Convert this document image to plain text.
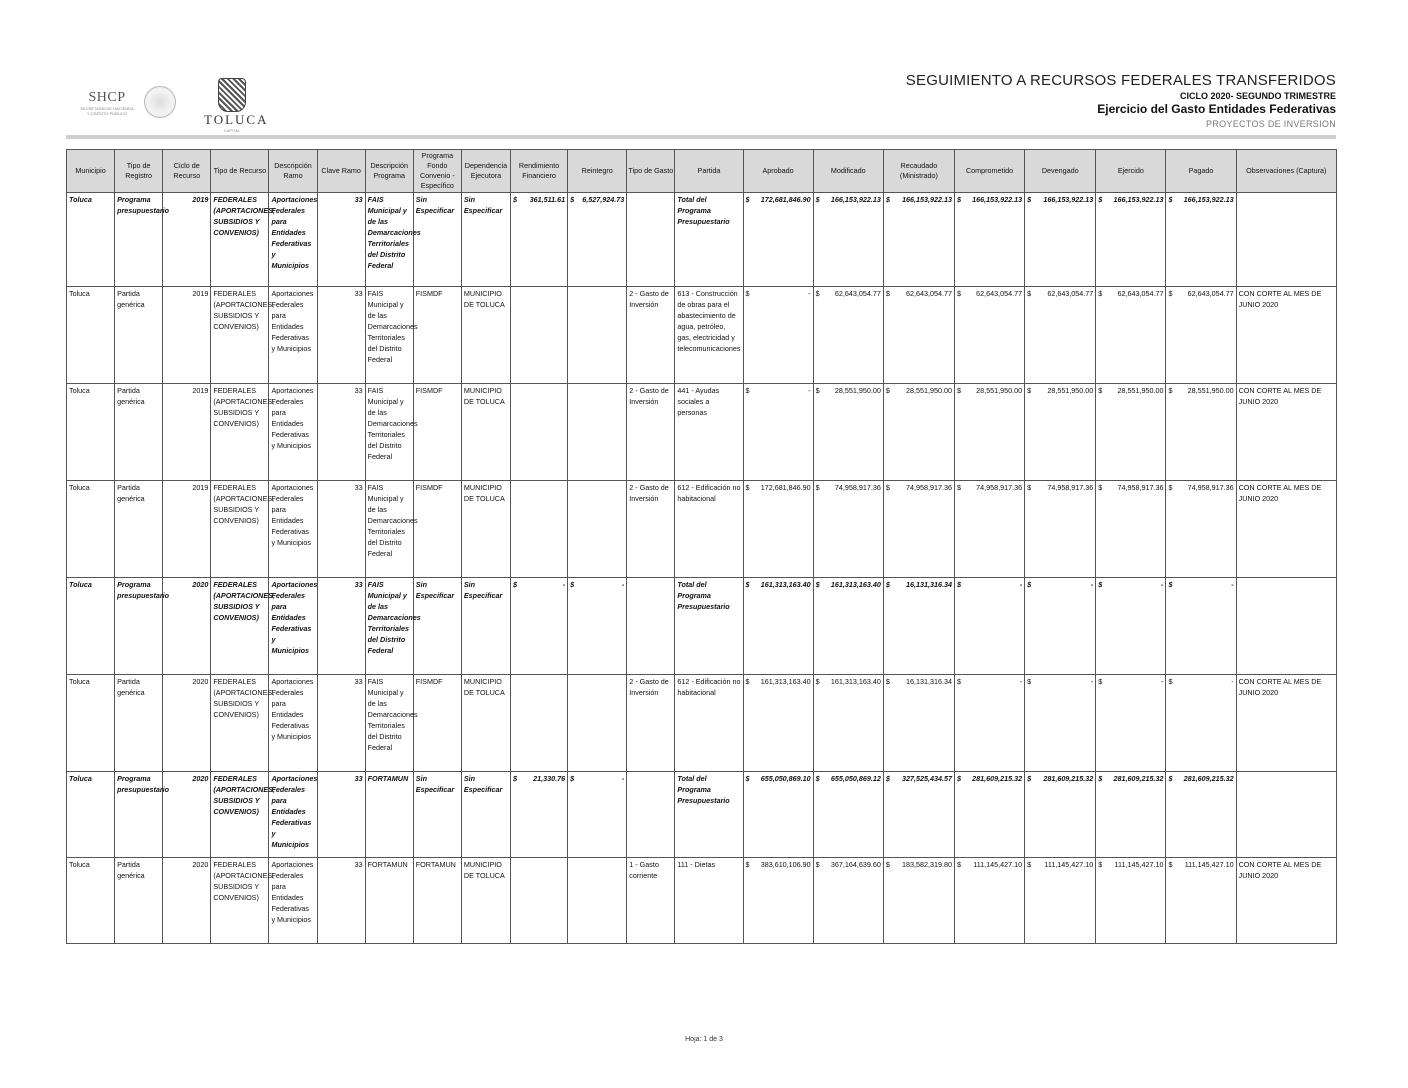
SHCP
SECRETARÍA DE HACIENDA
Y CRÉDITO PÚBLICO	TOLUCA
CAPITAL
SEGUIMIENTO A RECURSOS FEDERALES TRANSFERIDOS
CICLO 2020- SEGUNDO TRIMESTRE
Ejercicio del Gasto Entidades Federativas
PROYECTOS DE INVERSION
Municipio	Tipo de Registro	Ciclo de Recurso	Tipo de Recurso	Descripción Ramo	Clave Ramo	Descripción Programa	Programa Fondo Convenio - Específico	Dependencia Ejecutora	Rendimiento Financiero	Reintegro	Tipo de Gasto	Partida	Aprobado	Modificado	Recaudado (Ministrado)	Comprometido	Devengado	Ejercido	Pagado	Observaciones (Captura)
Toluca	Programa presupuestario	2019	FEDERALES (APORTACIONES, SUBSIDIOS Y CONVENIOS)	Aportaciones Federales para Entidades Federativas y Municipios	33	FAIS Municipal y de las Demarcaciones Territoriales del Distrito Federal	Sin Especificar	Sin Especificar	$ 361,511.61	$ 6,527,924.73		Total del Programa Presupuestario	$ 172,681,846.90	$ 166,153,922.13	$ 166,153,922.13	$ 166,153,922.13	$ 166,153,922.13	$ 166,153,922.13	$ 166,153,922.13	

Toluca	Partida genérica	2019	FEDERALES (APORTACIONES, SUBSIDIOS Y CONVENIOS)	Aportaciones Federales para Entidades Federativas y Municipios	33	FAIS Municipal y de las Demarcaciones Territoriales del Distrito Federal	FISMDF	MUNICIPIO DE TOLUCA			2 - Gasto de Inversión	613 - Construcción de obras para el abastecimiento de agua, petróleo, gas, electricidad y telecomunicaciones	$ -	$ 62,643,054.77	$ 62,643,054.77	$ 62,643,054.77	$ 62,643,054.77	$ 62,643,054.77	$ 62,643,054.77	CON CORTE AL MES DE JUNIO 2020
Toluca	Partida genérica	2019	FEDERALES (APORTACIONES, SUBSIDIOS Y CONVENIOS)	Aportaciones Federales para Entidades Federativas y Municipios	33	FAIS Municipal y de las Demarcaciones Territoriales del Distrito Federal	FISMDF	MUNICIPIO DE TOLUCA			2 - Gasto de Inversión	441 - Ayudas sociales a personas	$ -	$ 28,551,950.00	$ 28,551,950.00	$ 28,551,950.00	$ 28,551,950.00	$ 28,551,950.00	$ 28,551,950.00	CON CORTE AL MES DE JUNIO 2020
Toluca	Partida genérica	2019	FEDERALES (APORTACIONES, SUBSIDIOS Y CONVENIOS)	Aportaciones Federales para Entidades Federativas y Municipios	33	FAIS Municipal y de las Demarcaciones Territoriales del Distrito Federal	FISMDF	MUNICIPIO DE TOLUCA			2 - Gasto de Inversión	612 - Edificación no habitacional	$ 172,681,846.90	$ 74,958,917.36	$ 74,958,917.36	$ 74,958,917.36	$ 74,958,917.36	$ 74,958,917.36	$ 74,958,917.36	CON CORTE AL MES DE JUNIO 2020
Toluca	Programa presupuestario	2020	FEDERALES (APORTACIONES, SUBSIDIOS Y CONVENIOS)	Aportaciones Federales para Entidades Federativas y Municipios	33	FAIS Municipal y de las Demarcaciones Territoriales del Distrito Federal	Sin Especificar	Sin Especificar	$ -	$ -		Total del Programa Presupuestario	$ 161,313,163.40	$ 161,313,163.40	$ 16,131,316.34	$ -	$ -	$ -	$ -	

Toluca	Partida genérica	2020	FEDERALES (APORTACIONES, SUBSIDIOS Y CONVENIOS)	Aportaciones Federales para Entidades Federativas y Municipios	33	FAIS Municipal y de las Demarcaciones Territoriales del Distrito Federal	FISMDF	MUNICIPIO DE TOLUCA			2 - Gasto de Inversión	612 - Edificación no habitacional	$ 161,313,163.40	$ 161,313,163.40	$ 16,131,316.34	$ -	$ -	$ -	$ -	CON CORTE AL MES DE JUNIO 2020
Toluca	Programa presupuestario	2020	FEDERALES (APORTACIONES, SUBSIDIOS Y CONVENIOS)	Aportaciones Federales para Entidades Federativas y Municipios	33	FORTAMUN	Sin Especificar	Sin Especificar	$ 21,330.76	$ -		Total del Programa Presupuestario	$ 655,050,869.10	$ 655,050,869.12	$ 327,525,434.57	$ 281,609,215.32	$ 281,609,215.32	$ 281,609,215.32	$ 281,609,215.32	

Toluca	Partida genérica	2020	FEDERALES (APORTACIONES, SUBSIDIOS Y CONVENIOS)	Aportaciones Federales para Entidades Federativas y Municipios	33	FORTAMUN	FORTAMUN	MUNICIPIO DE TOLUCA			1 - Gasto corriente	111 - Dietas	$ 383,610,106.90	$ 367,164,639.60	$ 183,582,319.80	$ 111,145,427.10	$ 111,145,427.10	$ 111,145,427.10	$ 111,145,427.10	CON CORTE AL MES DE JUNIO 2020
Hoja: 1 de 3
